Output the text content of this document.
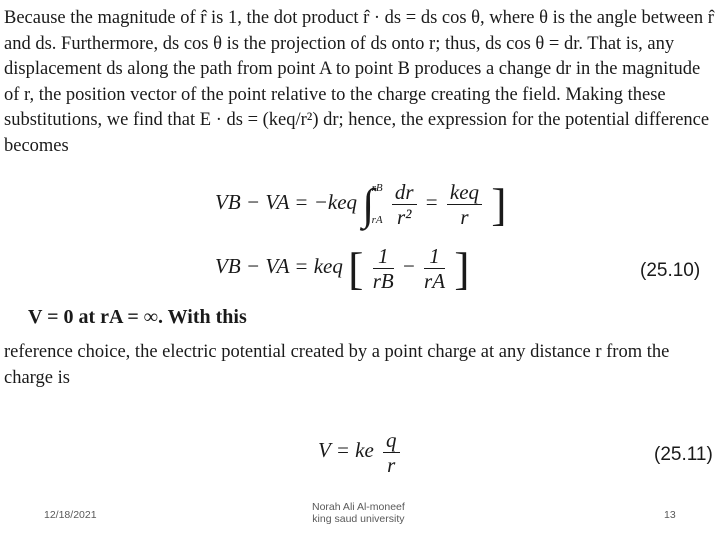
Because the magnitude of r̂ is 1, the dot product r̂ · ds = ds cos θ, where θ is the angle between r̂ and ds. Furthermore, ds cos θ is the projection of ds onto r; thus, ds cos θ = dr. That is, any displacement ds along the path from point A to point B produces a change dr in the magnitude of r, the position vector of the point relative to the charge creating the field. Making these substitutions, we find that E · ds = (keq/r²) dr; hence, the expression for the potential difference becomes
VB − VA = −keq ∫
rB
rA
$\frac{dr}{\text{r²}} = \frac{\text{keq}}{r}$ ]
VB − VA = keq [ $\frac{1}{rB} - \frac{1}{rA}$ ]	(25.10)
V = 0 at rA = ∞. With this
reference choice, the electric potential created by a point charge at any distance r from the charge is
V = ke $\frac{q}{r}$	(25.11)
12/18/2021
Norah Ali Al-moneef
king saud university	13
